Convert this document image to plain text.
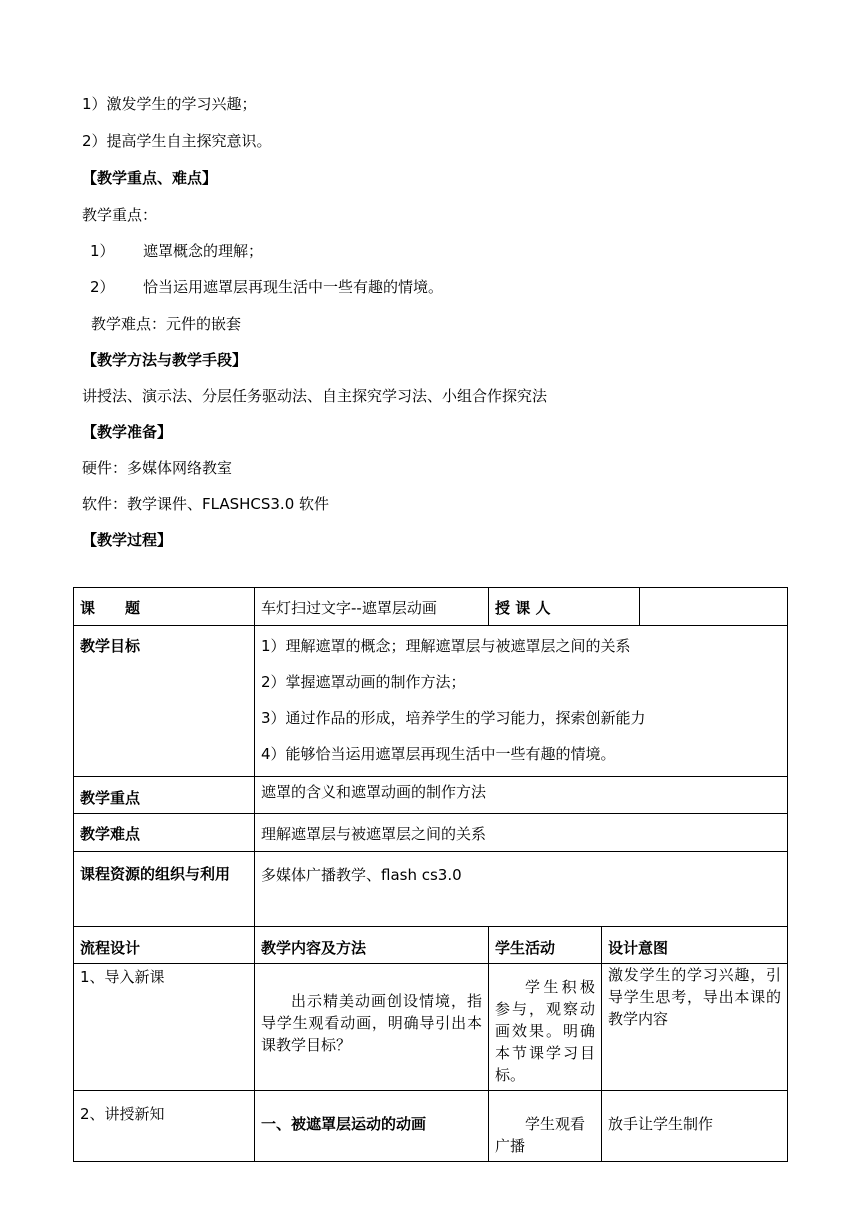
1）激发学生的学习兴趣；
2）提高学生自主探究意识。
【教学重点、难点】
教学重点：
1） 遮罩概念的理解；
2） 恰当运用遮罩层再现生活中一些有趣的情境。
教学难点：元件的嵌套
【教学方法与教学手段】
讲授法、演示法、分层任务驱动法、自主探究学习法、小组合作探究法
【教学准备】
硬件：多媒体网络教室
软件：教学课件、FLASHCS3.0 软件
【教学过程】
课　　题	车灯扫过文字--遮罩层动画	授 课 人		
教学目标	1）理解遮罩的概念；理解遮罩层与被遮罩层之间的关系
2）掌握遮罩动画的制作方法；
3）通过作品的形成，培养学生的学习能力，探索创新能力
4）能够恰当运用遮罩层再现生活中一些有趣的情境。			

教学重点	遮罩的含义和遮罩动画的制作方法			
教学难点	理解遮罩层与被遮罩层之间的关系			
课程资源的组织与利用	多媒体广播教学、flash cs3.0			
流程设计	教学内容及方法	学生活动	设计意图	
1、导入新课	出示精美动画创设情境，指导学生观看动画，明确导引出本课教学目标？	学生积极参与，观察动画效果。明确本节课学习目标。	激发学生的学习兴趣，引导学生思考，导出本课的教学内容	

2、讲授新知	一、被遮罩层运动的动画	学生观看广播	放手让学生制作	
